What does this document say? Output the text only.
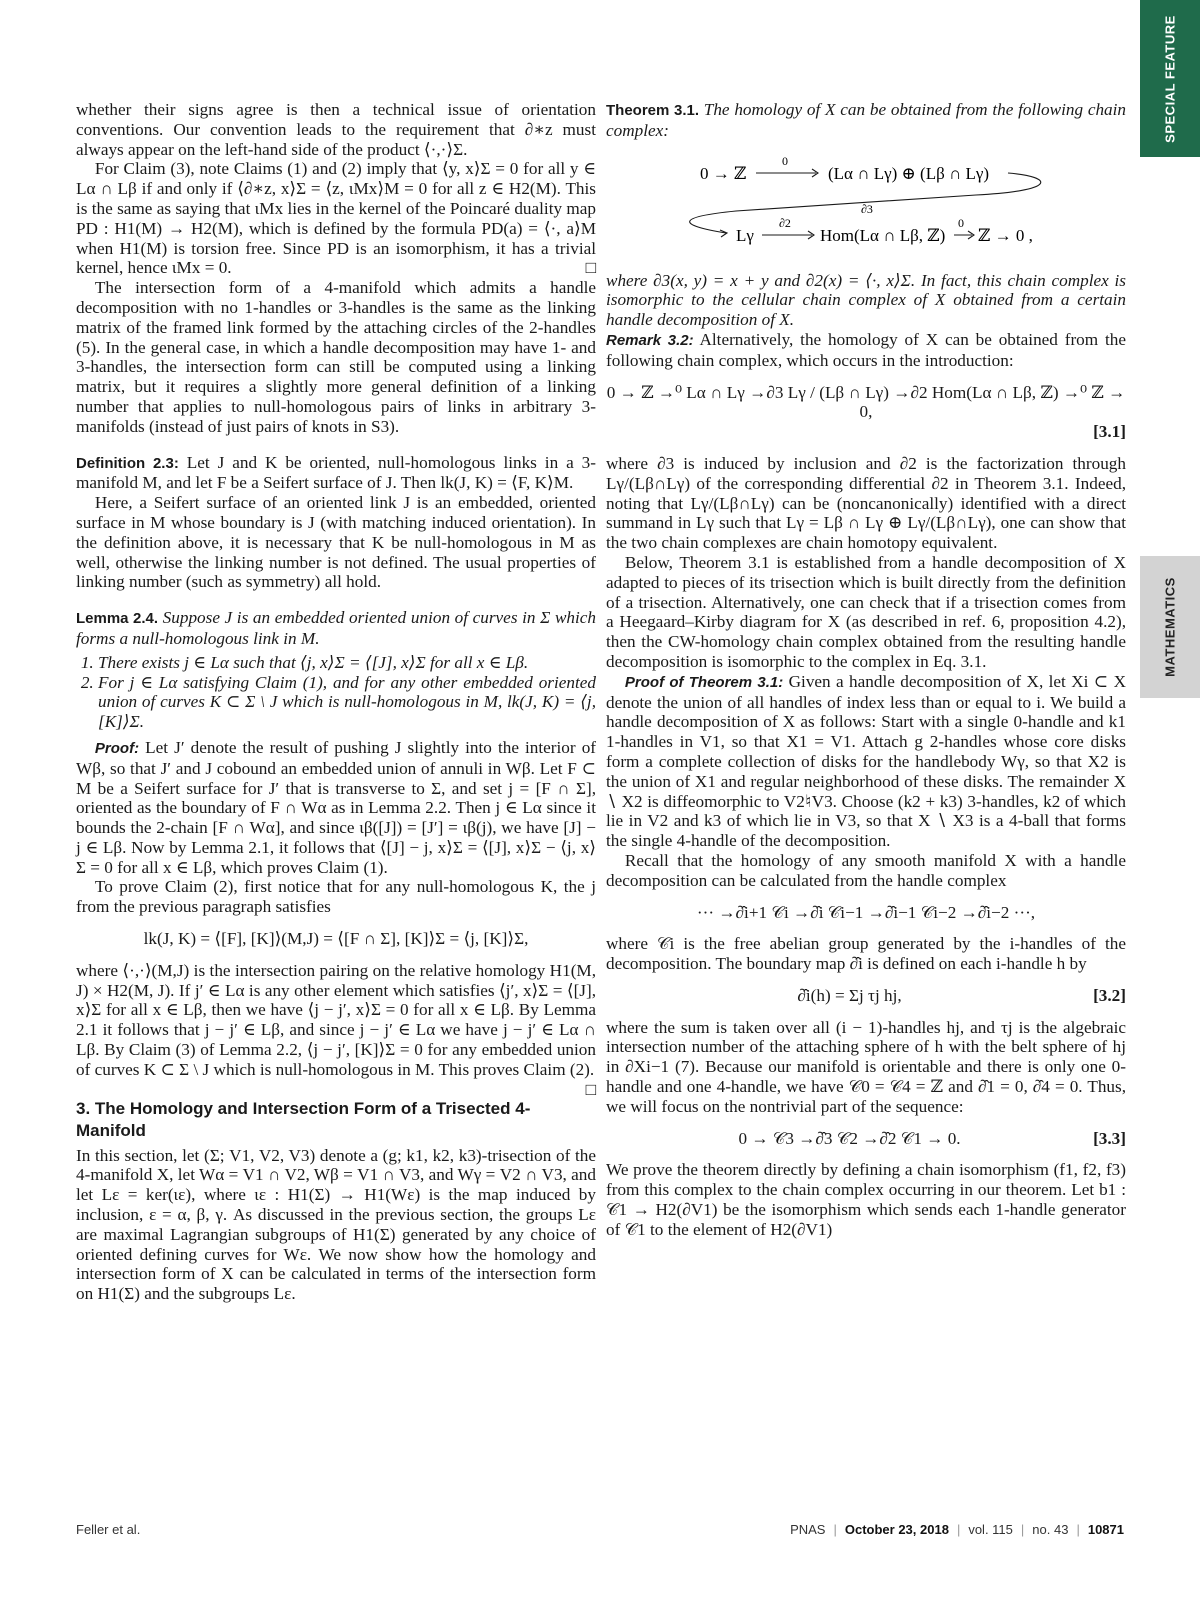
SPECIAL FEATURE
MATHEMATICS

whether their signs agree is then a technical issue of orientation conventions. Our convention leads to the requirement that ∂∗z must always appear on the left-hand side of the product ⟨·,·⟩Σ.

For Claim (3), note Claims (1) and (2) imply that ⟨y, x⟩Σ = 0 for all y ∈ Lα ∩ Lβ if and only if ⟨∂∗z, x⟩Σ = ⟨z, ιMx⟩M = 0 for all z ∈ H2(M). This is the same as saying that ιMx lies in the kernel of the Poincaré duality map PD : H1(M) → H2(M), which is defined by the formula PD(a) = ⟨·, a⟩M when H1(M) is torsion free. Since PD is an isomorphism, it has a trivial kernel, hence ιMx = 0.	□

The intersection form of a 4-manifold which admits a handle decomposition with no 1-handles or 3-handles is the same as the linking matrix of the framed link formed by the attaching circles of the 2-handles (5). In the general case, in which a handle decomposition may have 1- and 3-handles, the intersection form can still be computed using a linking matrix, but it requires a slightly more general definition of a linking number that applies to null-homologous pairs of links in arbitrary 3-manifolds (instead of just pairs of knots in S3).

Definition 2.3: Let J and K be oriented, null-homologous links in a 3-manifold M, and let F be a Seifert surface of J. Then lk(J, K) = ⟨F, K⟩M.

Here, a Seifert surface of an oriented link J is an embedded, oriented surface in M whose boundary is J (with matching induced orientation). In the definition above, it is necessary that K be null-homologous in M as well, otherwise the linking number is not defined. The usual properties of linking number (such as symmetry) all hold.

Lemma 2.4. Suppose J is an embedded oriented union of curves in Σ which forms a null-homologous link in M.

1. There exists j ∈ Lα such that ⟨j, x⟩Σ = ⟨[J], x⟩Σ for all x ∈ Lβ.
2. For j ∈ Lα satisfying Claim (1), and for any other embedded oriented union of curves K ⊂ Σ \ J which is null-homologous in M, lk(J, K) = ⟨j, [K]⟩Σ.

Proof: Let J′ denote the result of pushing J slightly into the interior of Wβ, so that J′ and J cobound an embedded union of annuli in Wβ. Let F ⊂ M be a Seifert surface for J′ that is transverse to Σ, and set j = [F ∩ Σ], oriented as the boundary of F ∩ Wα as in Lemma 2.2. Then j ∈ Lα since it bounds the 2-chain [F ∩ Wα], and since ιβ([J]) = [J′] = ιβ(j), we have [J] − j ∈ Lβ. Now by Lemma 2.1, it follows that ⟨[J] − j, x⟩Σ = ⟨[J], x⟩Σ − ⟨j, x⟩Σ = 0 for all x ∈ Lβ, which proves Claim (1).

To prove Claim (2), first notice that for any null-homologous K, the j from the previous paragraph satisfies

lk(J, K) = ⟨[F], [K]⟩(M,J) = ⟨[F ∩ Σ], [K]⟩Σ = ⟨j, [K]⟩Σ,

where ⟨·,·⟩(M,J) is the intersection pairing on the relative homology H1(M, J) × H2(M, J). If j′ ∈ Lα is any other element which satisfies ⟨j′, x⟩Σ = ⟨[J], x⟩Σ for all x ∈ Lβ, then we have ⟨j − j′, x⟩Σ = 0 for all x ∈ Lβ. By Lemma 2.1 it follows that j − j′ ∈ Lβ, and since j − j′ ∈ Lα we have j − j′ ∈ Lα ∩ Lβ. By Claim (3) of Lemma 2.2, ⟨j − j′, [K]⟩Σ = 0 for any embedded union of curves K ⊂ Σ \ J which is null-homologous in M. This proves Claim (2).
□

3. The Homology and Intersection Form of a Trisected 4-Manifold

In this section, let (Σ; V1, V2, V3) denote a (g; k1, k2, k3)-trisection of the 4-manifold X, let Wα = V1 ∩ V2, Wβ = V1 ∩ V3, and Wγ = V2 ∩ V3, and let Lε = ker(ιε), where ιε : H1(Σ) → H1(Wε) is the map induced by inclusion, ε = α, β, γ. As discussed in the previous section, the groups Lε are maximal Lagrangian subgroups of H1(Σ) generated by any choice of oriented defining curves for Wε. We now show how the homology and intersection form of X can be calculated in terms of the intersection form on H1(Σ) and the subgroups Lε.

Theorem 3.1. The homology of X can be obtained from the following chain complex:

0 → ℤ
0
(Lα ∩ Lγ) ⊕ (Lβ ∩ Lγ)
∂3
Lγ
∂2
Hom(Lα ∩ Lβ, ℤ)
0
ℤ → 0 ,

where ∂3(x, y) = x + y and ∂2(x) = ⟨·, x⟩Σ. In fact, this chain complex is isomorphic to the cellular chain complex of X obtained from a certain handle decomposition of X.

Remark 3.2: Alternatively, the homology of X can be obtained from the following chain complex, which occurs in the introduction:

0 → ℤ →⁰ Lα ∩ Lγ →∂3 Lγ / (Lβ ∩ Lγ) →∂2 Hom(Lα ∩ Lβ, ℤ) →⁰ ℤ → 0,

[3.1]

where ∂3 is induced by inclusion and ∂2 is the factorization through Lγ/(Lβ∩Lγ) of the corresponding differential ∂2 in Theorem 3.1. Indeed, noting that Lγ/(Lβ∩Lγ) can be (noncanonically) identified with a direct summand in Lγ such that Lγ = Lβ ∩ Lγ ⊕ Lγ/(Lβ∩Lγ), one can show that the two chain complexes are chain homotopy equivalent.

Below, Theorem 3.1 is established from a handle decomposition of X adapted to pieces of its trisection which is built directly from the definition of a trisection. Alternatively, one can check that if a trisection comes from a Heegaard–Kirby diagram for X (as described in ref. 6, proposition 4.2), then the CW-homology chain complex obtained from the resulting handle decomposition is isomorphic to the complex in Eq. 3.1.

Proof of Theorem 3.1: Given a handle decomposition of X, let Xi ⊂ X denote the union of all handles of index less than or equal to i. We build a handle decomposition of X as follows: Start with a single 0-handle and k1 1-handles in V1, so that X1 = V1. Attach g 2-handles whose core disks form a complete collection of disks for the handlebody Wγ, so that X2 is the union of X1 and regular neighborhood of these disks. The remainder X ∖ X2 is diffeomorphic to V2♮V3. Choose (k2 + k3) 3-handles, k2 of which lie in V2 and k3 of which lie in V3, so that X ∖ X3 is a 4-ball that forms the single 4-handle of the decomposition.

Recall that the homology of any smooth manifold X with a handle decomposition can be calculated from the handle complex

··· →∂̂i+1 𝒞i →∂̂i 𝒞i−1 →∂̂i−1 𝒞i−2 →∂̂i−2 ···,

where 𝒞i is the free abelian group generated by the i-handles of the decomposition. The boundary map ∂̂i is defined on each i-handle h by

∂̂i(h) = Σj τj hj,	[3.2]

where the sum is taken over all (i − 1)-handles hj, and τj is the algebraic intersection number of the attaching sphere of h with the belt sphere of hj in ∂Xi−1 (7). Because our manifold is orientable and there is only one 0-handle and one 4-handle, we have 𝒞0 = 𝒞4 = ℤ and ∂̂1 = 0, ∂̂4 = 0. Thus, we will focus on the nontrivial part of the sequence:

0 → 𝒞3 →∂̂3 𝒞2 →∂̂2 𝒞1 → 0.	[3.3]

We prove the theorem directly by defining a chain isomorphism (f1, f2, f3) from this complex to the chain complex occurring in our theorem. Let b1 : 𝒞1 → H2(∂V1) be the isomorphism which sends each 1-handle generator of 𝒞1 to the element of H2(∂V1)

Feller et al.	PNAS | October 23, 2018 | vol. 115 | no. 43 | 10871
